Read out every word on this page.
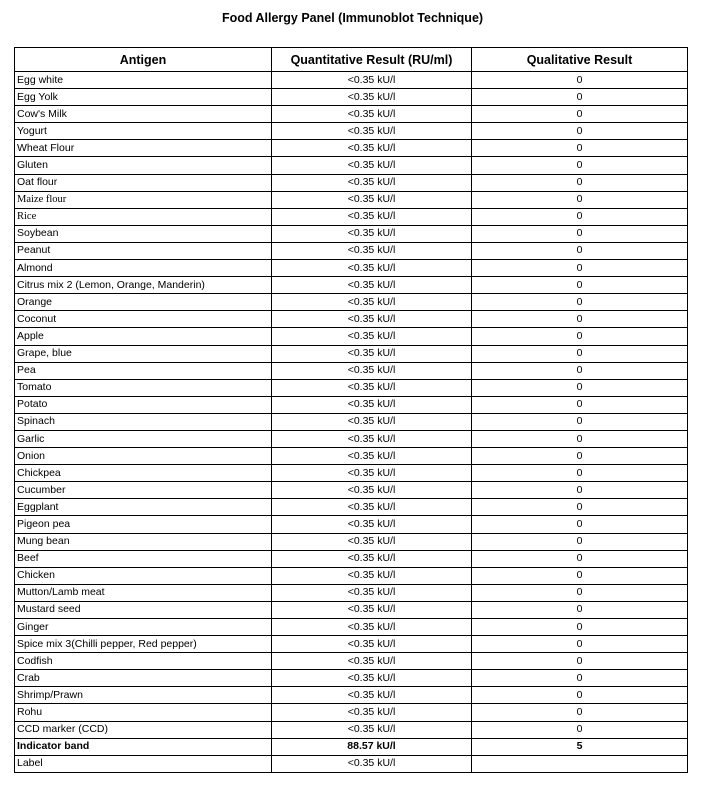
Food Allergy Panel (Immunoblot Technique)
Antigen	Quantitative Result (RU/ml)	Qualitative Result
Egg white	<0.35 kU/l	0
Egg Yolk	<0.35 kU/l	0
Cow's Milk	<0.35 kU/l	0
Yogurt	<0.35 kU/l	0
Wheat Flour	<0.35 kU/l	0
Gluten	<0.35 kU/l	0
Oat flour	<0.35 kU/l	0
Maize flour	<0.35 kU/l	0
Rice	<0.35 kU/l	0
Soybean	<0.35 kU/l	0
Peanut	<0.35 kU/l	0
Almond	<0.35 kU/l	0
Citrus mix 2 (Lemon, Orange, Manderin)	<0.35 kU/l	0
Orange	<0.35 kU/l	0
Coconut	<0.35 kU/l	0
Apple	<0.35 kU/l	0
Grape, blue	<0.35 kU/l	0
Pea	<0.35 kU/l	0
Tomato	<0.35 kU/l	0
Potato	<0.35 kU/l	0
Spinach	<0.35 kU/l	0
Garlic	<0.35 kU/l	0
Onion	<0.35 kU/l	0
Chickpea	<0.35 kU/l	0
Cucumber	<0.35 kU/l	0
Eggplant	<0.35 kU/l	0
Pigeon pea	<0.35 kU/l	0
Mung bean	<0.35 kU/l	0
Beef	<0.35 kU/l	0
Chicken	<0.35 kU/l	0
Mutton/Lamb meat	<0.35 kU/l	0
Mustard seed	<0.35 kU/l	0
Ginger	<0.35 kU/l	0
Spice mix 3(Chilli pepper, Red pepper)	<0.35 kU/l	0
Codfish	<0.35 kU/l	0
Crab	<0.35 kU/l	0
Shrimp/Prawn	<0.35 kU/l	0
Rohu	<0.35 kU/l	0
CCD marker (CCD)	<0.35 kU/l	0
Indicator band	88.57 kU/l	5
Label	<0.35 kU/l	
